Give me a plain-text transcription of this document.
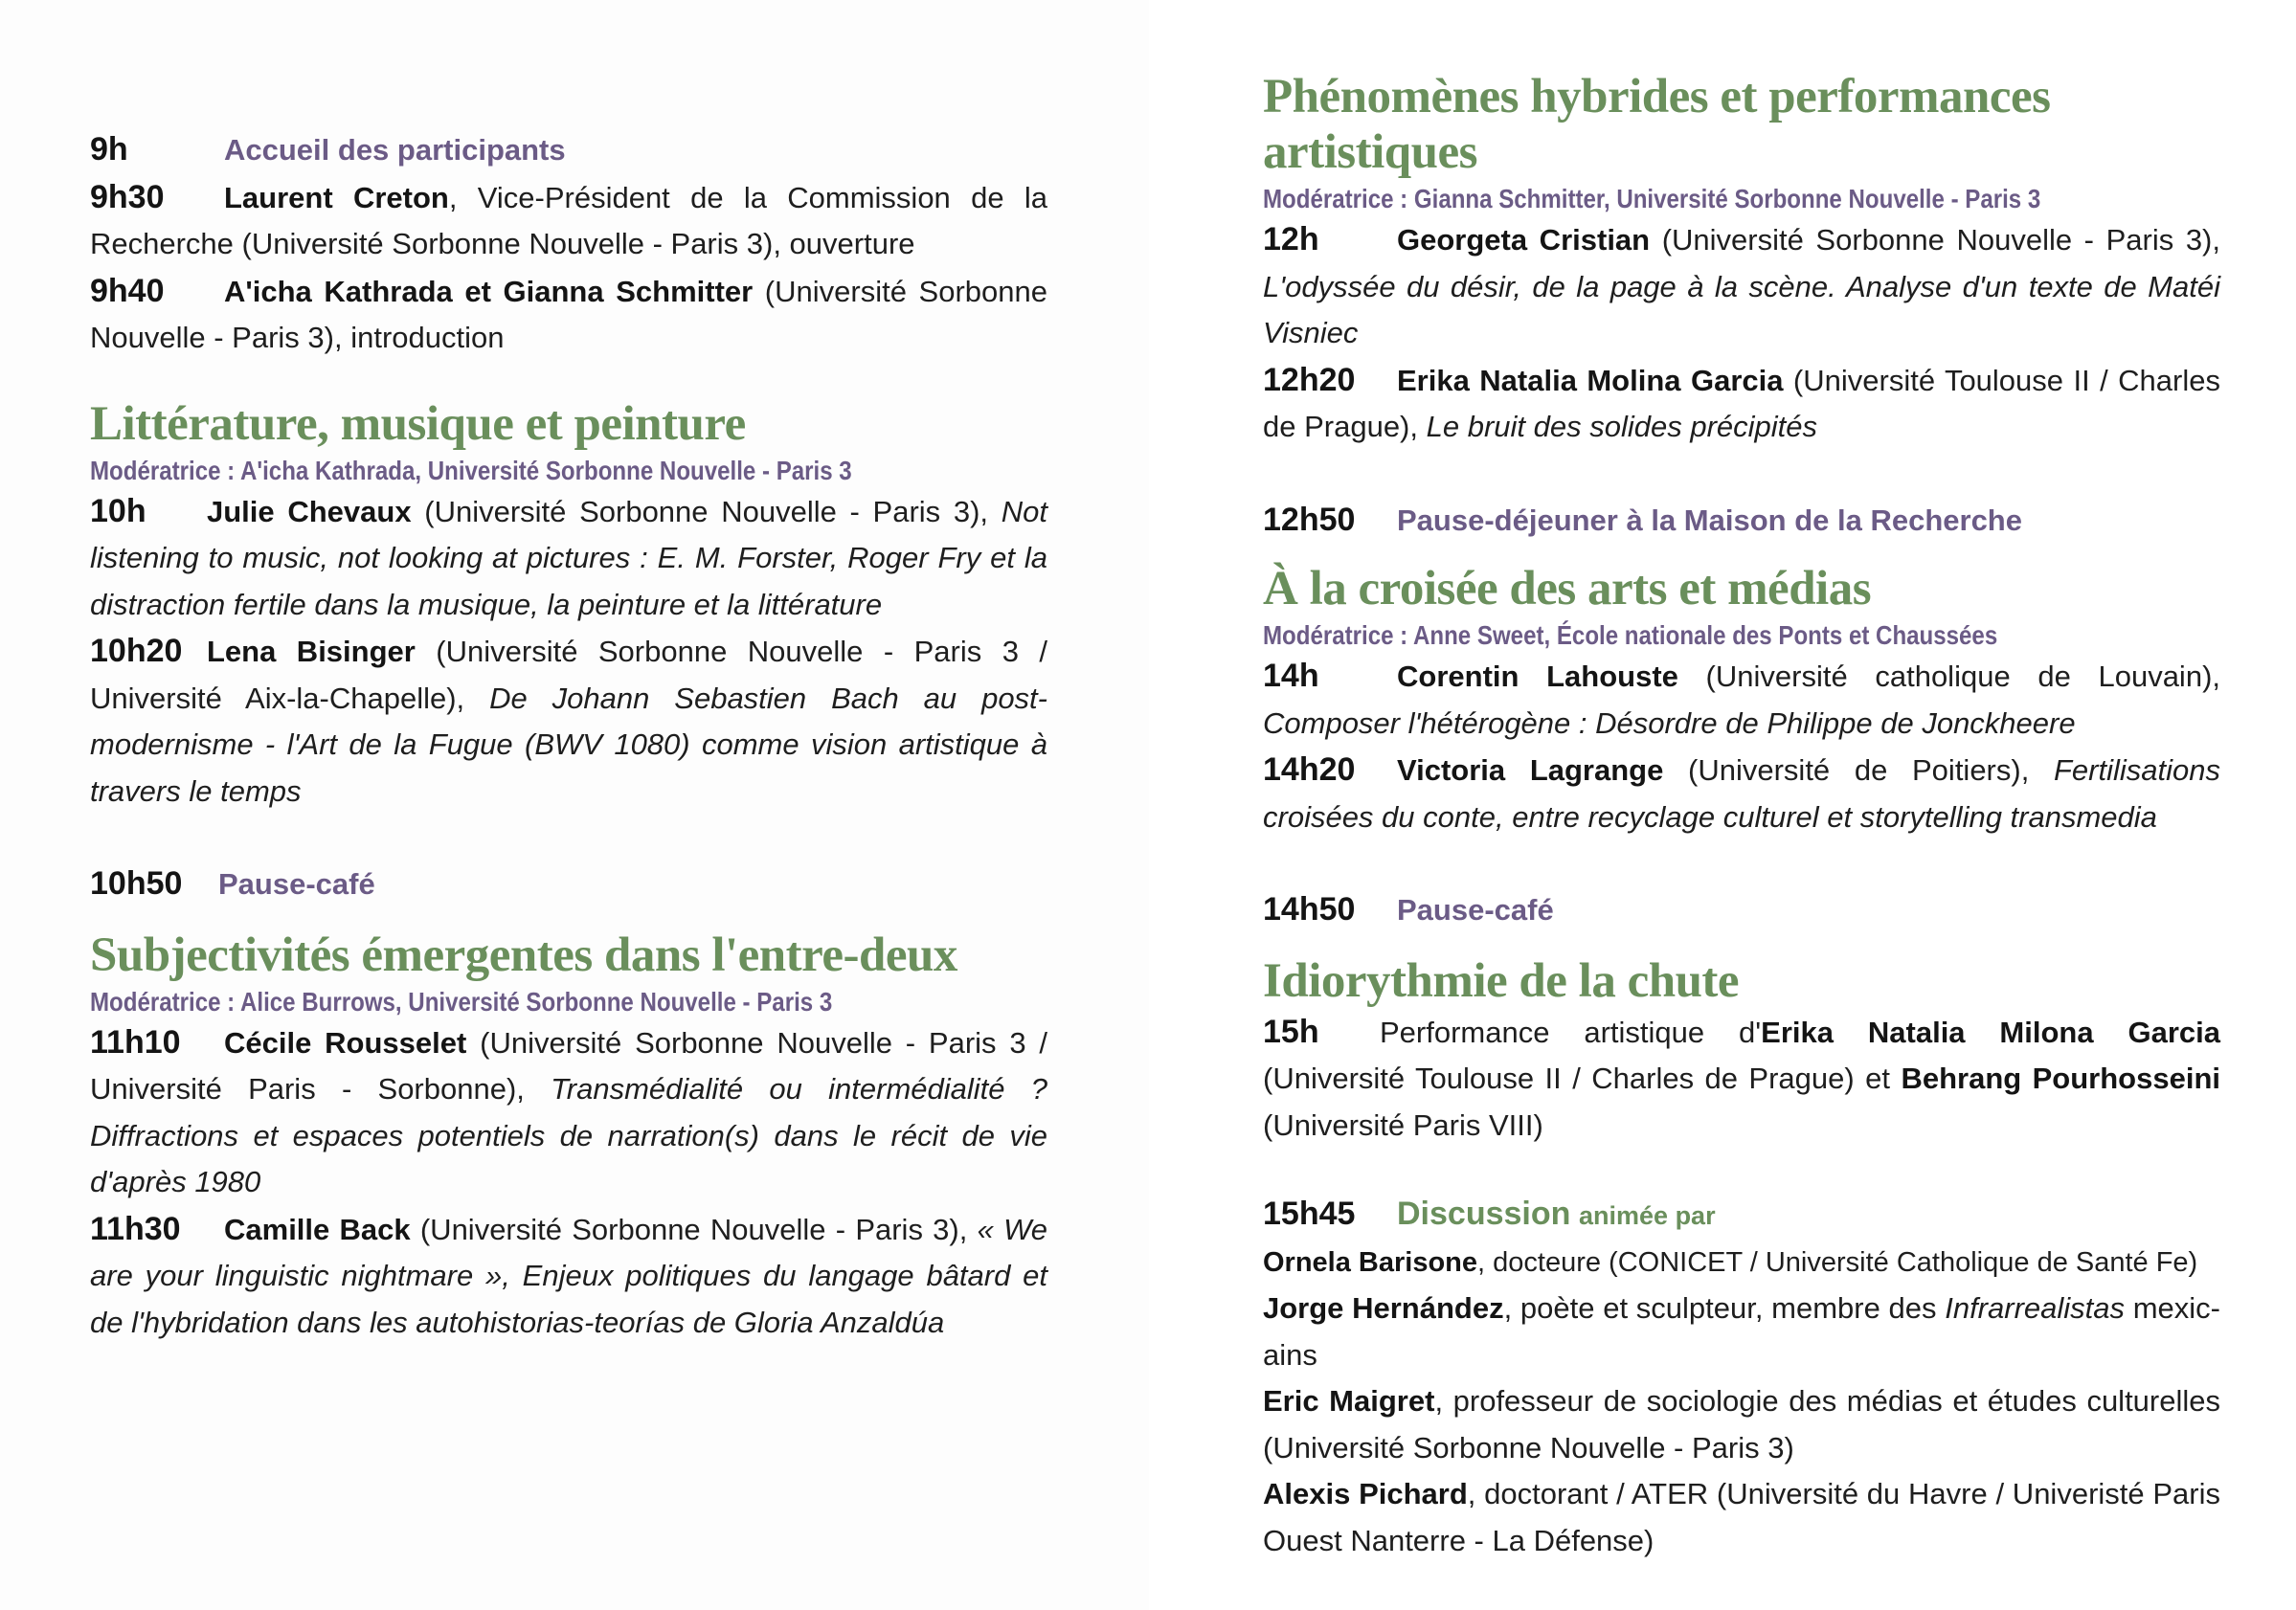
9h	Accueil des participants

9h30 Laurent Creton, Vice-Président de la Commission de la Recherche (Université Sorbonne Nouvelle - Paris 3), ouverture

9h40 A'icha Kathrada et Gianna Schmitter (Université Sorbonne Nouvelle - Paris 3), introduction

Littérature, musique et peinture
Modératrice : A'icha Kathrada, Université Sorbonne Nouvelle - Paris 3

10h Julie Chevaux (Université Sorbonne Nouvelle - Paris 3), Not listening to music, not looking at pictures : E. M. Forster, Roger Fry et la distraction fertile dans la musique, la peinture et la littérature

10h20 Lena Bisinger (Université Sorbonne Nouvelle - Paris 3 / Université Aix-la-Chapelle), De Johann Sebastien Bach au post-modernisme - l'Art de la Fugue (BWV 1080) comme vision artistique à travers le temps

10h50 Pause-café

Subjectivités émergentes dans l'entre-deux
Modératrice : Alice Burrows, Université Sorbonne Nouvelle - Paris 3

11h10 Cécile Rousselet (Université Sorbonne Nouvelle - Paris 3 / Université Paris - Sorbonne), Transmédialité ou intermédialité ? Diffractions et espaces potentiels de narration(s) dans le récit de vie d'après 1980

11h30 Camille Back (Université Sorbonne Nouvelle - Paris 3), « We are your linguistic nightmare », Enjeux politiques du langage bâtard et de l'hybridation dans les autohistorias-teorías de Gloria Anzaldúa

Phénomènes hybrides et performances artistiques
Modératrice : Gianna Schmitter, Université Sorbonne Nouvelle - Paris 3

12h	Georgeta Cristian (Université Sorbonne Nouvelle - Paris 3), L'odyssée du désir, de la page à la scène. Analyse d'un texte de Matéi Visniec

12h20 Erika Natalia Molina Garcia (Université Toulouse II / Charles de Prague), Le bruit des solides précipités

12h50 Pause-déjeuner à la Maison de la Recherche

À la croisée des arts et médias
Modératrice : Anne Sweet, École nationale des Ponts et Chaussées

14h	Corentin Lahouste (Université catholique de Louvain), Composer l'hétérogène : Désordre de Philippe de Jonckheere

14h20 Victoria Lagrange (Université de Poitiers), Fertilisations croisées du conte, entre recyclage culturel et storytelling transmedia

14h50 Pause-café

Idiorythmie de la chute

15h Performance artistique d'Erika Natalia Milona Garcia (Université Toulouse II / Charles de Prague) et Behrang Pourhosseini (Université Paris VIII)

15h45 Discussion animée par

Ornela Barisone, docteure (CONICET / Université Catholique de Santé Fe)

Jorge Hernández, poète et sculpteur, membre des Infrarrealistas mexic-ains

Eric Maigret, professeur de sociologie des médias et études culturelles (Université Sorbonne Nouvelle - Paris 3)

Alexis Pichard, doctorant / ATER (Université du Havre / Univeristé Paris Ouest Nanterre - La Défense)
